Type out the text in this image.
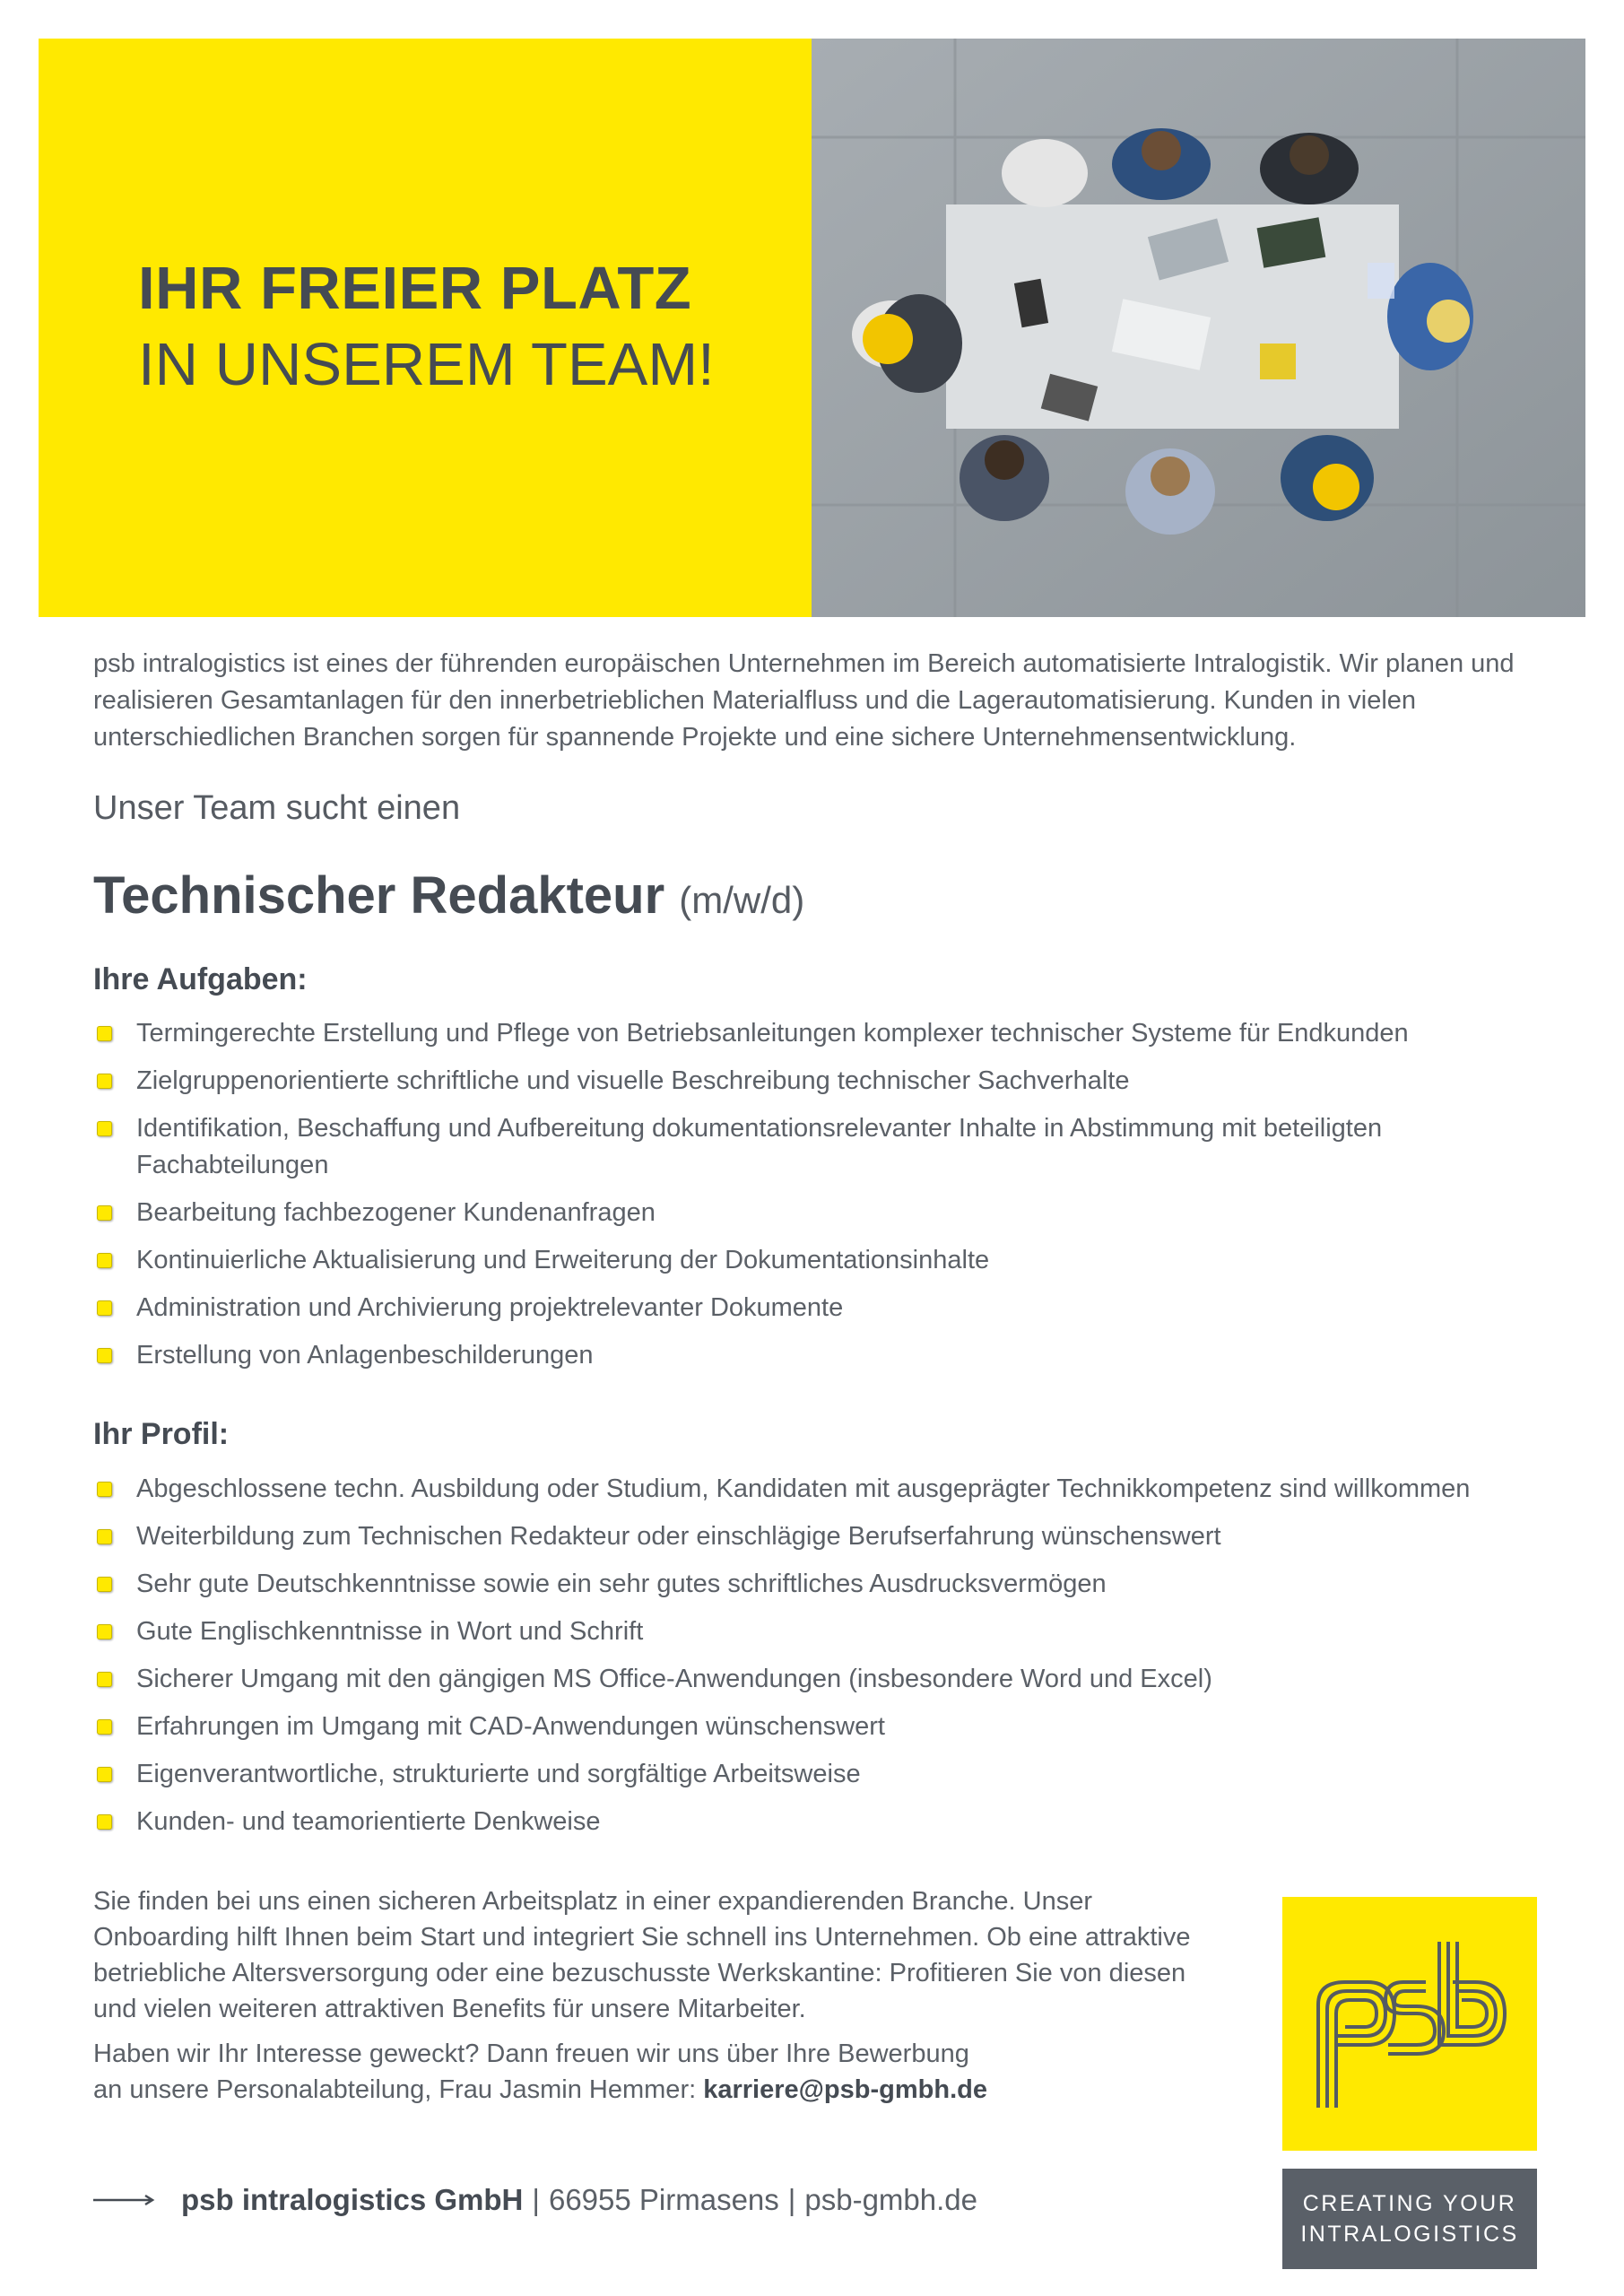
IHR FREIER PLATZ
IN UNSEREM TEAM!
psb intralogistics ist eines der führenden europäischen Unternehmen im Bereich automatisierte Intralogistik. Wir planen und realisieren Gesamtanlagen für den innerbetrieblichen Materialfluss und die Lagerautomatisierung. Kunden in vielen unterschiedlichen Branchen sorgen für spannende Projekte und eine sichere Unternehmensentwicklung.
Unser Team sucht einen
Technischer Redakteur (m/w/d)
Ihre Aufgaben:
Termingerechte Erstellung und Pflege von Betriebsanleitungen komplexer technischer Systeme für Endkunden
Zielgruppenorientierte schriftliche und visuelle Beschreibung technischer Sachverhalte
Identifikation, Beschaffung und Aufbereitung dokumentationsrelevanter Inhalte in Abstimmung mit beteiligten Fachabteilungen
Bearbeitung fachbezogener Kundenanfragen
Kontinuierliche Aktualisierung und Erweiterung der Dokumentationsinhalte
Administration und Archivierung projektrelevanter Dokumente
Erstellung von Anlagenbeschilderungen
Ihr Profil:
Abgeschlossene techn. Ausbildung oder Studium, Kandidaten mit ausgeprägter Technikkompetenz sind willkommen
Weiterbildung zum Technischen Redakteur oder einschlägige Berufserfahrung wünschenswert
Sehr gute Deutschkenntnisse sowie ein sehr gutes schriftliches Ausdrucksvermögen
Gute Englischkenntnisse in Wort und Schrift
Sicherer Umgang mit den gängigen MS Office-Anwendungen (insbesondere Word und Excel)
Erfahrungen im Umgang mit CAD-Anwendungen wünschenswert
Eigenverantwortliche, strukturierte und sorgfältige Arbeitsweise
Kunden- und teamorientierte Denkweise

Sie finden bei uns einen sicheren Arbeitsplatz in einer expandierenden Branche. Unser Onboarding hilft Ihnen beim Start und integriert Sie schnell ins Unternehmen. Ob eine attraktive betriebliche Altersversorgung oder eine bezuschusste Werkskantine: Profitieren Sie von diesen und vielen weiteren attraktiven Benefits für unsere Mitarbeiter.

Haben wir Ihr Interesse geweckt? Dann freuen wir uns über Ihre Bewerbung
an unsere Personalabteilung, Frau Jasmin Hemmer: karriere@psb-gmbh.de

psb intralogistics GmbH | 66955 Pirmasens | psb-gmbh.de	CREATING YOUR
INTRALOGISTICS
